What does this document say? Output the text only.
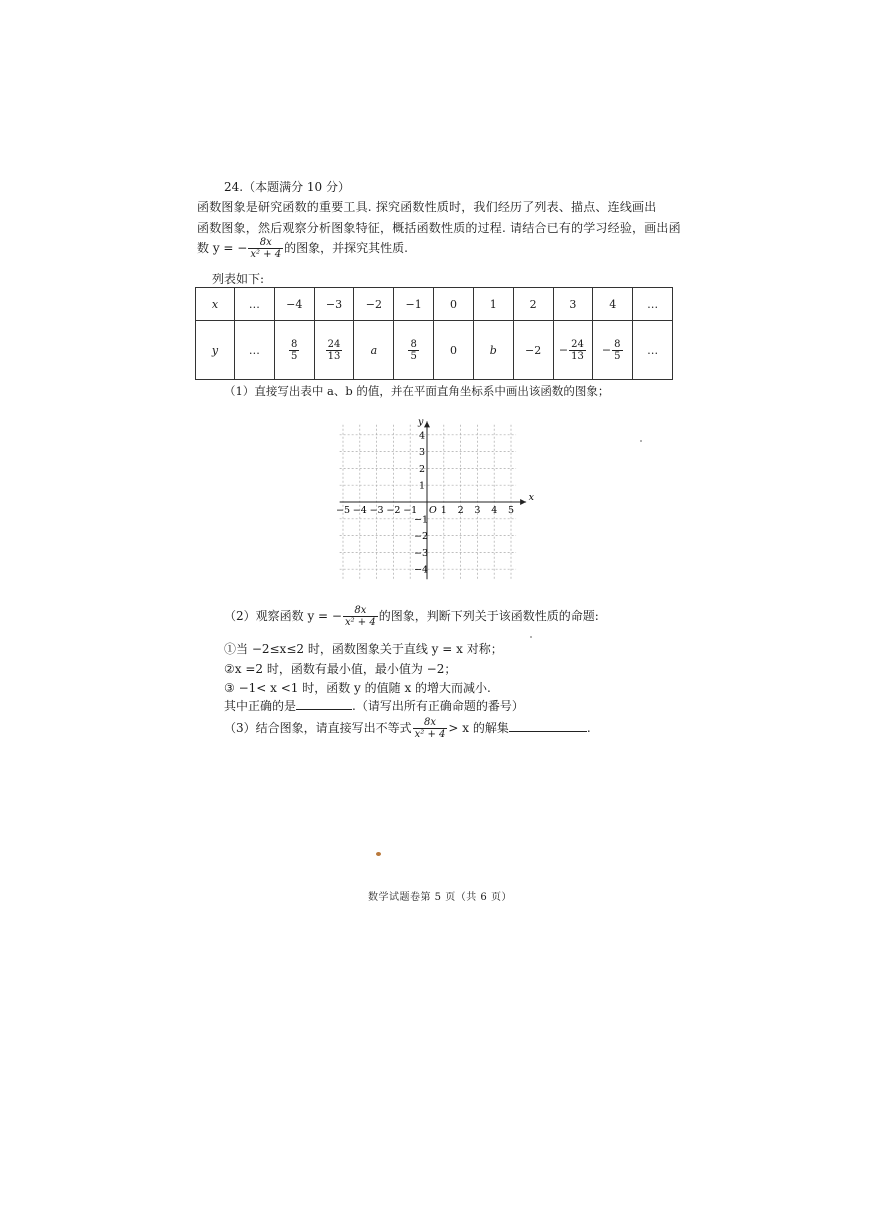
24.（本题满分 10 分）
函数图象是研究函数的重要工具. 探究函数性质时，我们经历了列表、描点、连线画出
函数图象，然后观察分析图象特征，概括函数性质的过程. 请结合已有的学习经验，画出函
数 y = − $\frac{8x}{\text{x² + 4}}$ 的图象，并探究其性质.
列表如下:
x	…	−4	−3	−2	−1	0	1	2	3	4	…
y	…	$\frac{8}{5}$	$\frac{24}{13}$	a	$\frac{8}{5}$	0	b	−2	− $\frac{24}{13}$	− $\frac{8}{5}$	…
（1）直接写出表中 a、b 的值，并在平面直角坐标系中画出该函数的图象；
x
y
O
−5 −4 −3 −2 −1 1 2 3 4 5
4
3
2
1
−1
−2
−3
−4
（2）观察函数 y = − $\frac{8x}{\text{x² + 4}}$ 的图象，判断下列关于该函数性质的命题:
①当 −2≤x≤2 时，函数图象关于直线 y = x 对称；
②x =2 时，函数有最小值，最小值为 −2；
③ −1< x <1 时，函数 y 的值随 x 的增大而减小.
其中正确的是	.（请写出所有正确命题的番号）
（3）结合图象，请直接写出不等式 $\frac{8x}{\text{x² + 4}} > x$ 的解集	.
数学试题卷第 5 页（共 6 页）
